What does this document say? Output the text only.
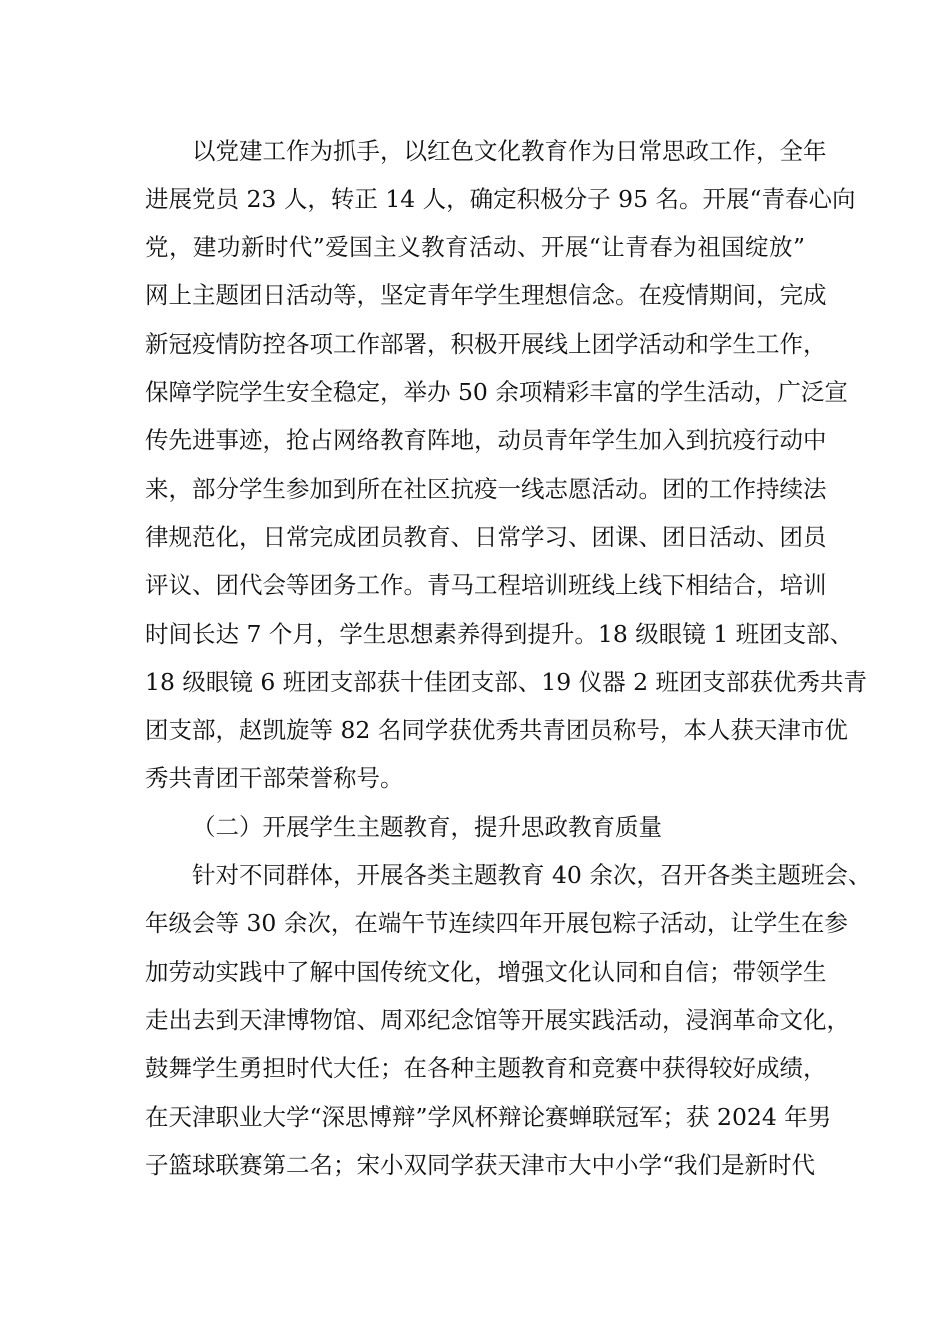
以党建工作为抓手，以红色文化教育作为日常思政工作，全年
进展党员 23 人，转正 14 人，确定积极分子 95 名。开展“青春心向
党，建功新时代”爱国主义教育活动、开展“让青春为祖国绽放”
网上主题团日活动等，坚定青年学生理想信念。在疫情期间，完成
新冠疫情防控各项工作部署，积极开展线上团学活动和学生工作，
保障学院学生安全稳定，举办 50 余项精彩丰富的学生活动，广泛宣
传先进事迹，抢占网络教育阵地，动员青年学生加入到抗疫行动中
来，部分学生参加到所在社区抗疫一线志愿活动。团的工作持续法
律规范化，日常完成团员教育、日常学习、团课、团日活动、团员
评议、团代会等团务工作。青马工程培训班线上线下相结合，培训
时间长达 7 个月，学生思想素养得到提升。18 级眼镜 1 班团支部、
18 级眼镜 6 班团支部获十佳团支部、19 仪器 2 班团支部获优秀共青
团支部，赵凯旋等 82 名同学获优秀共青团员称号，本人获天津市优
秀共青团干部荣誉称号。
（二）开展学生主题教育，提升思政教育质量
针对不同群体，开展各类主题教育 40 余次，召开各类主题班会、
年级会等 30 余次，在端午节连续四年开展包粽子活动，让学生在参
加劳动实践中了解中国传统文化，增强文化认同和自信；带领学生
走出去到天津博物馆、周邓纪念馆等开展实践活动，浸润革命文化，
鼓舞学生勇担时代大任；在各种主题教育和竞赛中获得较好成绩，
在天津职业大学“深思博辩”学风杯辩论赛蝉联冠军；获 2024 年男
子篮球联赛第二名；宋小双同学获天津市大中小学“我们是新时代
